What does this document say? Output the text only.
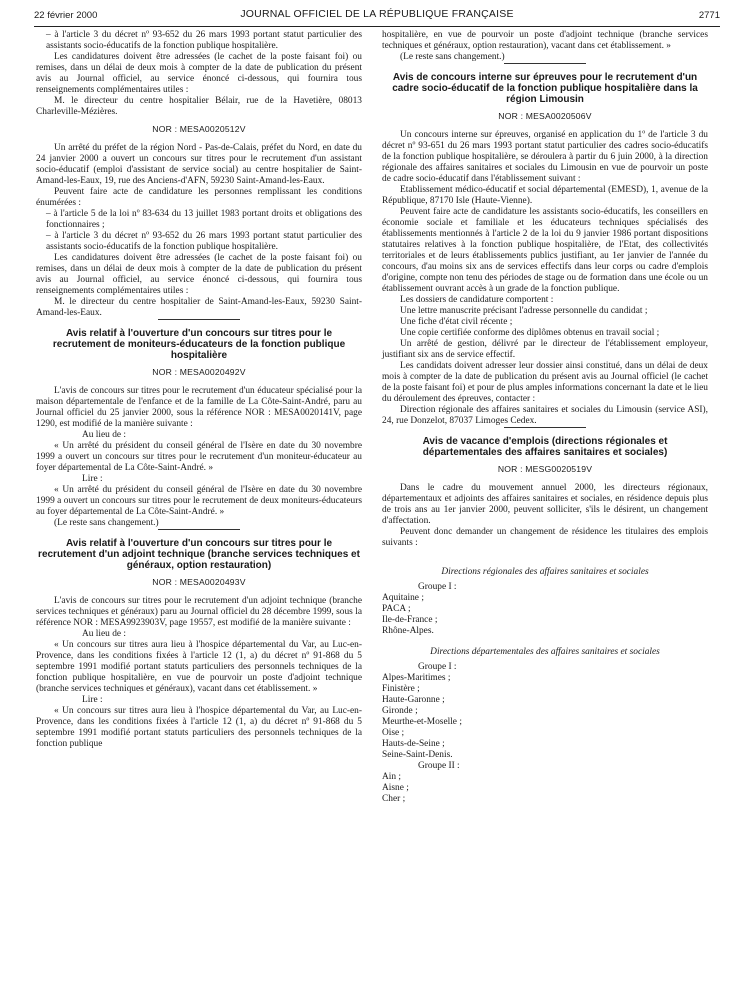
22 février 2000	JOURNAL OFFICIEL DE LA RÉPUBLIQUE FRANÇAISE	2771

– à l'article 3 du décret nº 93-652 du 26 mars 1993 portant statut particulier des assistants socio-éducatifs de la fonction publique hospitalière.

Les candidatures doivent être adressées (le cachet de la poste faisant foi) ou remises, dans un délai de deux mois à compter de la date de publication du présent avis au Journal officiel, au service énoncé ci-dessous, qui fournira tous renseignements complémentaires utiles :

M. le directeur du centre hospitalier Bélair, rue de la Havetière, 08013 Charleville-Mézières.

NOR : MESA0020512V

Un arrêté du préfet de la région Nord - Pas-de-Calais, préfet du Nord, en date du 24 janvier 2000 a ouvert un concours sur titres pour le recrutement d'un assistant socio-éducatif (emploi d'assistant de service social) au centre hospitalier de Saint-Amand-les-Eaux, 19, rue des Anciens-d'AFN, 59230 Saint-Amand-les-Eaux.

Peuvent faire acte de candidature les personnes remplissant les conditions énumérées :

– à l'article 5 de la loi nº 83-634 du 13 juillet 1983 portant droits et obligations des fonctionnaires ;

– à l'article 3 du décret nº 93-652 du 26 mars 1993 portant statut particulier des assistants socio-éducatifs de la fonction publique hospitalière.

Les candidatures doivent être adressées (le cachet de la poste faisant foi) ou remises, dans un délai de deux mois à compter de la date de publication du présent avis au Journal officiel, au service énoncé ci-dessous, qui fournira tous renseignements complémentaires utiles :

M. le directeur du centre hospitalier de Saint-Amand-les-Eaux, 59230 Saint-Amand-les-Eaux.

Avis relatif à l'ouverture d'un concours sur titres pour le recrutement de moniteurs-éducateurs de la fonction publique hospitalière

NOR : MESA0020492V

L'avis de concours sur titres pour le recrutement d'un éducateur spécialisé pour la maison départementale de l'enfance et de la famille de La Côte-Saint-André, paru au Journal officiel du 25 janvier 2000, sous la référence NOR : MESA0020141V, page 1290, est modifié de la manière suivante :

Au lieu de :

« Un arrêté du président du conseil général de l'Isère en date du 30 novembre 1999 a ouvert un concours sur titres pour le recrutement d'un moniteur-éducateur au foyer départemental de La Côte-Saint-André. »

Lire :

« Un arrêté du président du conseil général de l'Isère en date du 30 novembre 1999 a ouvert un concours sur titres pour le recrutement de deux moniteurs-éducateurs au foyer départemental de La Côte-Saint-André. »

(Le reste sans changement.)

Avis relatif à l'ouverture d'un concours sur titres pour le recrutement d'un adjoint technique (branche services techniques et généraux, option restauration)

NOR : MESA0020493V

L'avis de concours sur titres pour le recrutement d'un adjoint technique (branche services techniques et généraux) paru au Journal officiel du 28 décembre 1999, sous la référence NOR : MESA9923903V, page 19557, est modifié de la manière suivante :

Au lieu de :

« Un concours sur titres aura lieu à l'hospice départemental du Var, au Luc-en-Provence, dans les conditions fixées à l'article 12 (1, a) du décret nº 91-868 du 5 septembre 1991 modifié portant statuts particuliers des personnels techniques de la fonction publique hospitalière, en vue de pourvoir un poste d'adjoint technique (branche services techniques et généraux), vacant dans cet établissement. »

Lire :

« Un concours sur titres aura lieu à l'hospice départemental du Var, au Luc-en-Provence, dans les conditions fixées à l'article 12 (1, a) du décret nº 91-868 du 5 septembre 1991 modifié portant statuts particuliers des personnels techniques de la fonction publique

hospitalière, en vue de pourvoir un poste d'adjoint technique (branche services techniques et généraux, option restauration), vacant dans cet établissement. »

(Le reste sans changement.)

Avis de concours interne sur épreuves pour le recrutement d'un cadre socio-éducatif de la fonction publique hospitalière dans la région Limousin

NOR : MESA0020506V

Un concours interne sur épreuves, organisé en application du 1º de l'article 3 du décret nº 93-651 du 26 mars 1993 portant statut particulier des cadres socio-éducatifs de la fonction publique hospitalière, se déroulera à partir du 6 juin 2000, à la direction régionale des affaires sanitaires et sociales du Limousin en vue de pourvoir un poste de cadre socio-éducatif dans l'établissement suivant :

Etablissement médico-éducatif et social départemental (EMESD), 1, avenue de la République, 87170 Isle (Haute-Vienne).

Peuvent faire acte de candidature les assistants socio-éducatifs, les conseillers en économie sociale et familiale et les éducateurs techniques spécialisés des établissements mentionnés à l'article 2 de la loi du 9 janvier 1986 portant dispositions statutaires relatives à la fonction publique hospitalière, de l'Etat, des collectivités territoriales et de leurs établissements publics justifiant, au 1er janvier de l'année du concours, d'au moins six ans de services effectifs dans leur corps ou cadre d'emplois d'origine, compte non tenu des périodes de stage ou de formation dans une école ou un établissement ouvrant accès à un grade de la fonction publique.

Les dossiers de candidature comportent :

Une lettre manuscrite précisant l'adresse personnelle du candidat ;

Une fiche d'état civil récente ;

Une copie certifiée conforme des diplômes obtenus en travail social ;

Un arrêté de gestion, délivré par le directeur de l'établissement employeur, justifiant six ans de service effectif.

Les candidats doivent adresser leur dossier ainsi constitué, dans un délai de deux mois à compter de la date de publication du présent avis au Journal officiel (le cachet de la poste faisant foi) et pour de plus amples informations concernant la date et le lieu du déroulement des épreuves, contacter :

Direction régionale des affaires sanitaires et sociales du Limousin (service ASI), 24, rue Donzelot, 87037 Limoges Cedex.

Avis de vacance d'emplois (directions régionales et départementales des affaires sanitaires et sociales)

NOR : MESG0020519V

Dans le cadre du mouvement annuel 2000, les directeurs régionaux, départementaux et adjoints des affaires sanitaires et sociales, en résidence depuis plus de trois ans au 1er janvier 2000, peuvent solliciter, s'ils le désirent, un changement d'affectation.

Peuvent donc demander un changement de résidence les titulaires des emplois suivants :

Directions régionales des affaires sanitaires et sociales

Groupe I :

Aquitaine ;

PACA ;

Ile-de-France ;

Rhône-Alpes.

Directions départementales des affaires sanitaires et sociales

Groupe I :

Alpes-Maritimes ;

Finistère ;

Haute-Garonne ;

Gironde ;

Meurthe-et-Moselle ;

Oise ;

Hauts-de-Seine ;

Seine-Saint-Denis.

Groupe II :

Ain ;

Aisne ;

Cher ;
